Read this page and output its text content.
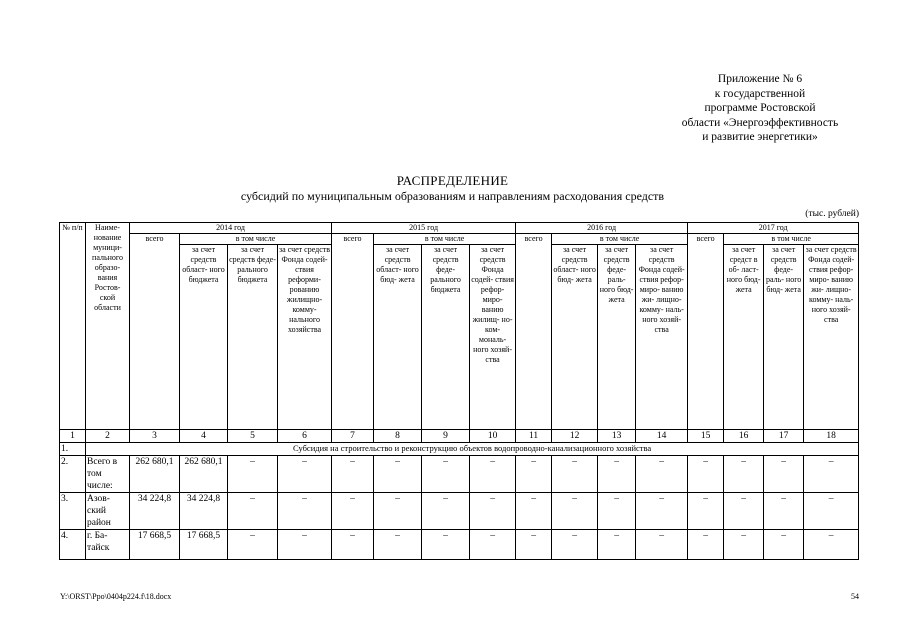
Приложение № 6
к государственной
программе Ростовской
области «Энергоэффективность
и развитие энергетики»
РАСПРЕДЕЛЕНИЕ
субсидий по муниципальным образованиям и направлениям расходования средств
(тыс. рублей)
№ п/п	Наиме- нование муници- пального образо- вания Ростов- ской области	2014 год				2015 год				2016 год				2017 год			
		всего	в том числе			всего	в том числе			всего	в том числе			всего	в том числе		
			за счет средств област- ного бюджета	за счет средств феде- рального бюджета	за счет средств Фонда содей- ствия реформи- рованию жилищно- комму- нального хозяйства		за счет средств област- ного бюд- жета	за счет средств феде- рального бюджета	за счет средств Фонда содей- ствия рефор- миро- ванию жилищ- но-ком- мональ- ного хозяй- ства		за счет средств област- ного бюд- жета	за счет средств феде- раль- ного бюд- жета	за счет средств Фонда содей- ствия рефор- миро- ванию жи- лищно- комму- наль- ного хозяй- ства		за счет средст в об- ласт- ного бюд- жета	за счет средств феде- раль- ного бюд- жета	за счет средств Фонда содей- ствия рефор- миро- ванию жи- лищно- комму- наль- ного хозяй- ства
1	2	3	4	5	6	7	8	9	10	11	12	13	14	15	16	17	18
1.	Субсидия на строительство и реконструкцию объектов водопроводно-канализационного хозяйства																
2.	Всего в том числе:	262 680,1	262 680,1	–	–	–	–	–	–	–	–	–	–	–	–	–	–
3.	Азов- ский район	34 224,8	34 224,8	–	–	–	–	–	–	–	–	–	–	–	–	–	–
4.	г. Ба- тайск	17 668,5	17 668,5	–	–	–	–	–	–	–	–	–	–	–	–	–	–
Y:\ORST\Ppo\0404p224.f\18.docx	54
